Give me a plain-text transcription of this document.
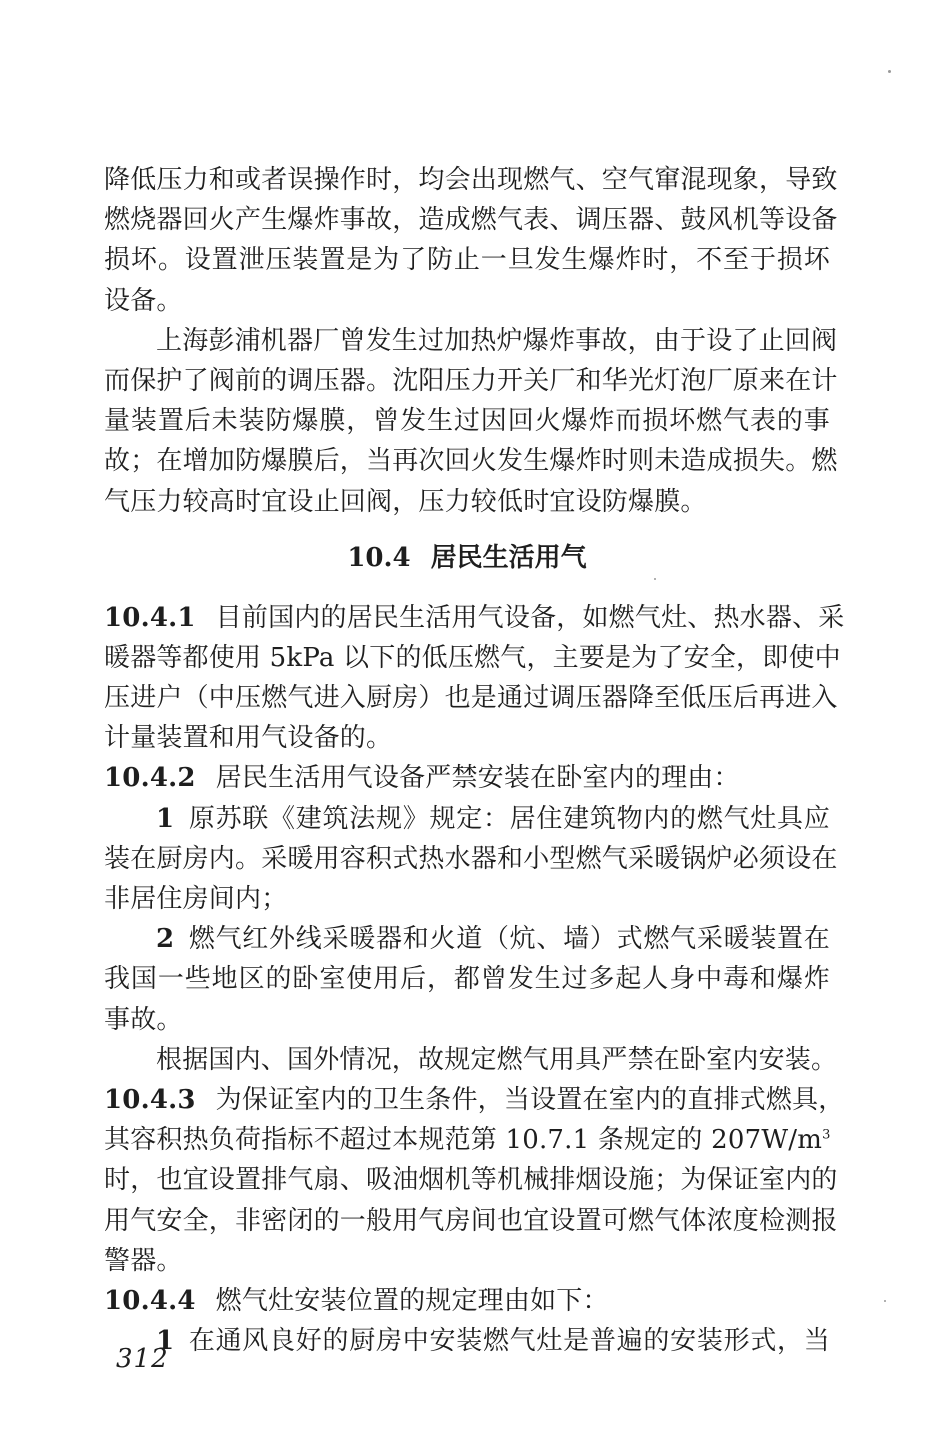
降低压力和或者误操作时，均会出现燃气、空气窜混现象，导致
燃烧器回火产生爆炸事故，造成燃气表、调压器、鼓风机等设备
损坏。设置泄压装置是为了防止一旦发生爆炸时，不至于损坏
设备。
上海彭浦机器厂曾发生过加热炉爆炸事故，由于设了止回阀
而保护了阀前的调压器。沈阳压力开关厂和华光灯泡厂原来在计
量装置后未装防爆膜，曾发生过因回火爆炸而损坏燃气表的事
故；在增加防爆膜后，当再次回火发生爆炸时则未造成损失。燃
气压力较高时宜设止回阀，压力较低时宜设防爆膜。
10.4 居民生活用气
10.4.1 目前国内的居民生活用气设备，如燃气灶、热水器、采
暖器等都使用 5kPa 以下的低压燃气，主要是为了安全，即使中
压进户（中压燃气进入厨房）也是通过调压器降至低压后再进入
计量装置和用气设备的。
10.4.2 居民生活用气设备严禁安装在卧室内的理由：
1 原苏联《建筑法规》规定：居住建筑物内的燃气灶具应
装在厨房内。采暖用容积式热水器和小型燃气采暖锅炉必须设在
非居住房间内；
2 燃气红外线采暖器和火道（炕、墙）式燃气采暖装置在
我国一些地区的卧室使用后，都曾发生过多起人身中毒和爆炸
事故。
根据国内、国外情况，故规定燃气用具严禁在卧室内安装。
10.4.3 为保证室内的卫生条件，当设置在室内的直排式燃具，
其容积热负荷指标不超过本规范第 10.7.1 条规定的 $207W/m^3$
时，也宜设置排气扇、吸油烟机等机械排烟设施；为保证室内的
用气安全，非密闭的一般用气房间也宜设置可燃气体浓度检测报
警器。
10.4.4 燃气灶安装位置的规定理由如下：
1 在通风良好的厨房中安装燃气灶是普遍的安装形式，当
312
